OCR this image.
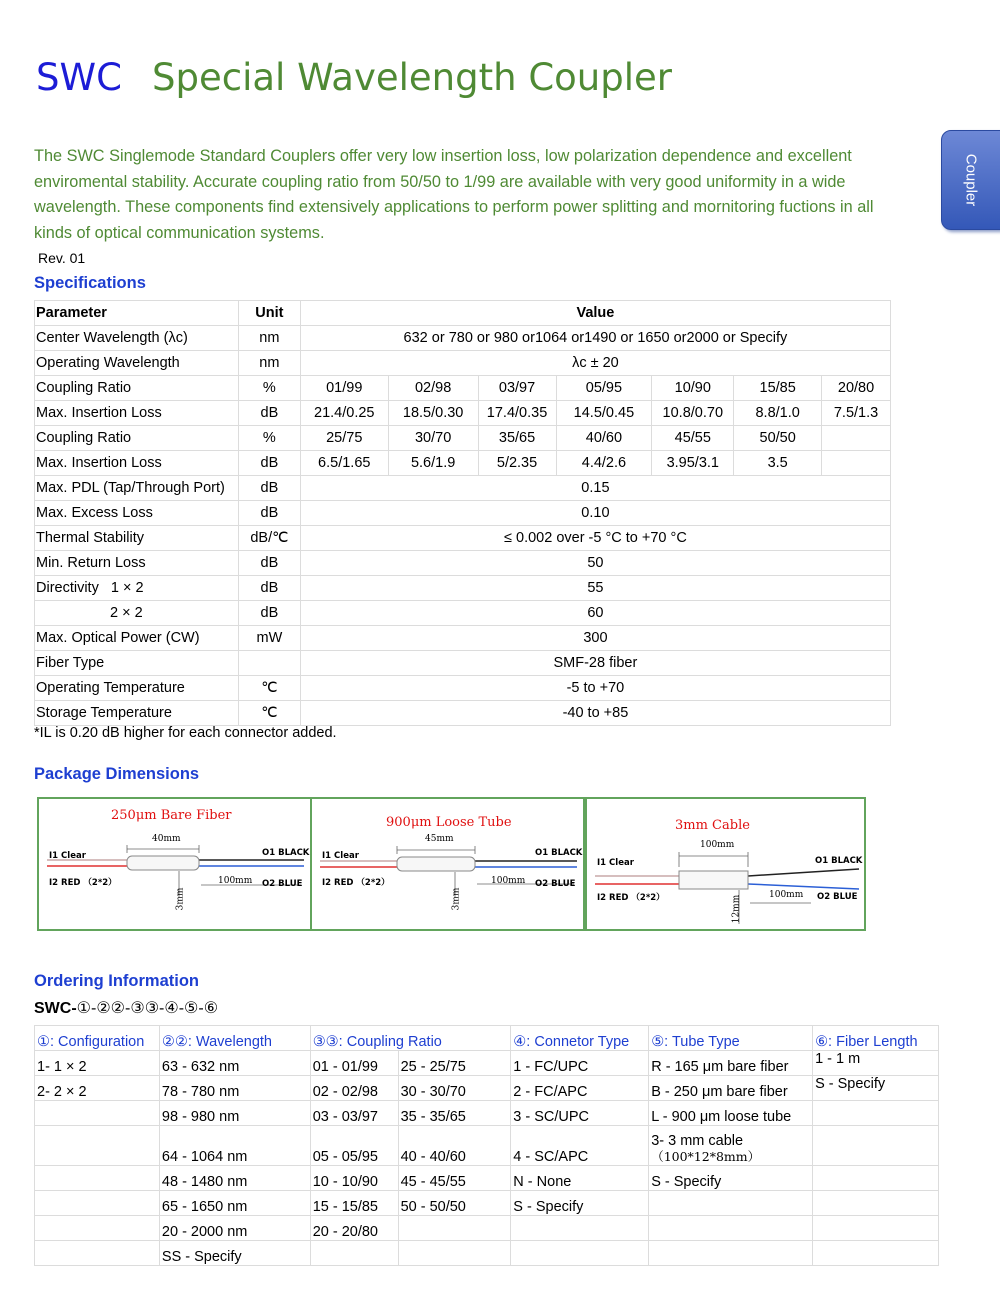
SWC Special Wavelength Coupler
Coupler
The SWC Singlemode Standard Couplers offer very low insertion loss, low polarization dependence and excellent enviromental stability. Accurate coupling ratio from 50/50 to 1/99 are available with very good uniformity in a wide wavelength. These components find extensively applications to perform power splitting and mornitoring fuctions in all kinds of optical communication systems.
Rev. 01
Specifications
Parameter	Unit	Value						
Center Wavelength (λc)	nm	632 or 780 or 980 or1064 or1490 or 1650 or2000 or Specify						
Operating Wavelength	nm	λc ± 20						
Coupling Ratio	%	01/99	02/98	03/97	05/95	10/90	15/85	20/80
Max. Insertion Loss	dB	21.4/0.25	18.5/0.30	17.4/0.35	14.5/0.45	10.8/0.70	8.8/1.0	7.5/1.3
Coupling Ratio	%	25/75	30/70	35/65	40/60	45/55	50/50	
Max. Insertion Loss	dB	6.5/1.65	5.6/1.9	5/2.35	4.4/2.6	3.95/3.1	3.5	
Max. PDL (Tap/Through Port)	dB	0.15						
Max. Excess Loss	dB	0.10						
Thermal Stability	dB/℃	≤ 0.002 over -5 °C to +70 °C						
Min. Return Loss	dB	50						
Directivity   1 × 2	dB	55						
2 × 2	dB	60						
Max. Optical Power (CW)	mW	300						
Fiber Type		SMF-28 fiber						
Operating Temperature	℃	-5 to +70						
Storage Temperature	℃	-40 to +85						
*IL is 0.20 dB higher for each connector added.
Package Dimensions
250μm Bare Fiber
40mm
I1 Clear
I2 RED （2*2）
O1 BLACK
O2 BLUE
100mm
3mm
900μm Loose Tube
45mm
I1 Clear
I2 RED （2*2）
O1 BLACK
O2 BLUE
100mm
3mm
3mm Cable
100mm
I1 Clear
I2 RED （2*2）
O1 BLACK
O2 BLUE
100mm
12mm
Ordering Information
SWC-①-②②-③③-④-⑤-⑥
①: Configuration	②②: Wavelength	③③: Coupling Ratio		④: Connetor Type	⑤: Tube Type	⑥: Fiber Length
1- 1 × 2	63 - 632 nm	01 - 01/99	25 - 25/75	1 - FC/UPC	R - 165 μm bare fiber	1 - 1 m
2- 2 × 2	78 - 780 nm	02 - 02/98	30 - 30/70	2 - FC/APC	B - 250 μm bare fiber	S - Specify
	98 - 980 nm	03 - 03/97	35 - 35/65	3 - SC/UPC	L - 900 μm loose tube	
	64 - 1064 nm	05 - 05/95	40 - 40/60	4 - SC/APC	3- 3 mm cable
（100*12*8mm）	

	48 - 1480 nm	10 - 10/90	45 - 45/55	N - None	S - Specify	
	65 - 1650 nm	15 - 15/85	50 - 50/50	S - Specify		
	20 - 2000 nm	20 - 20/80				
	SS - Specify					
